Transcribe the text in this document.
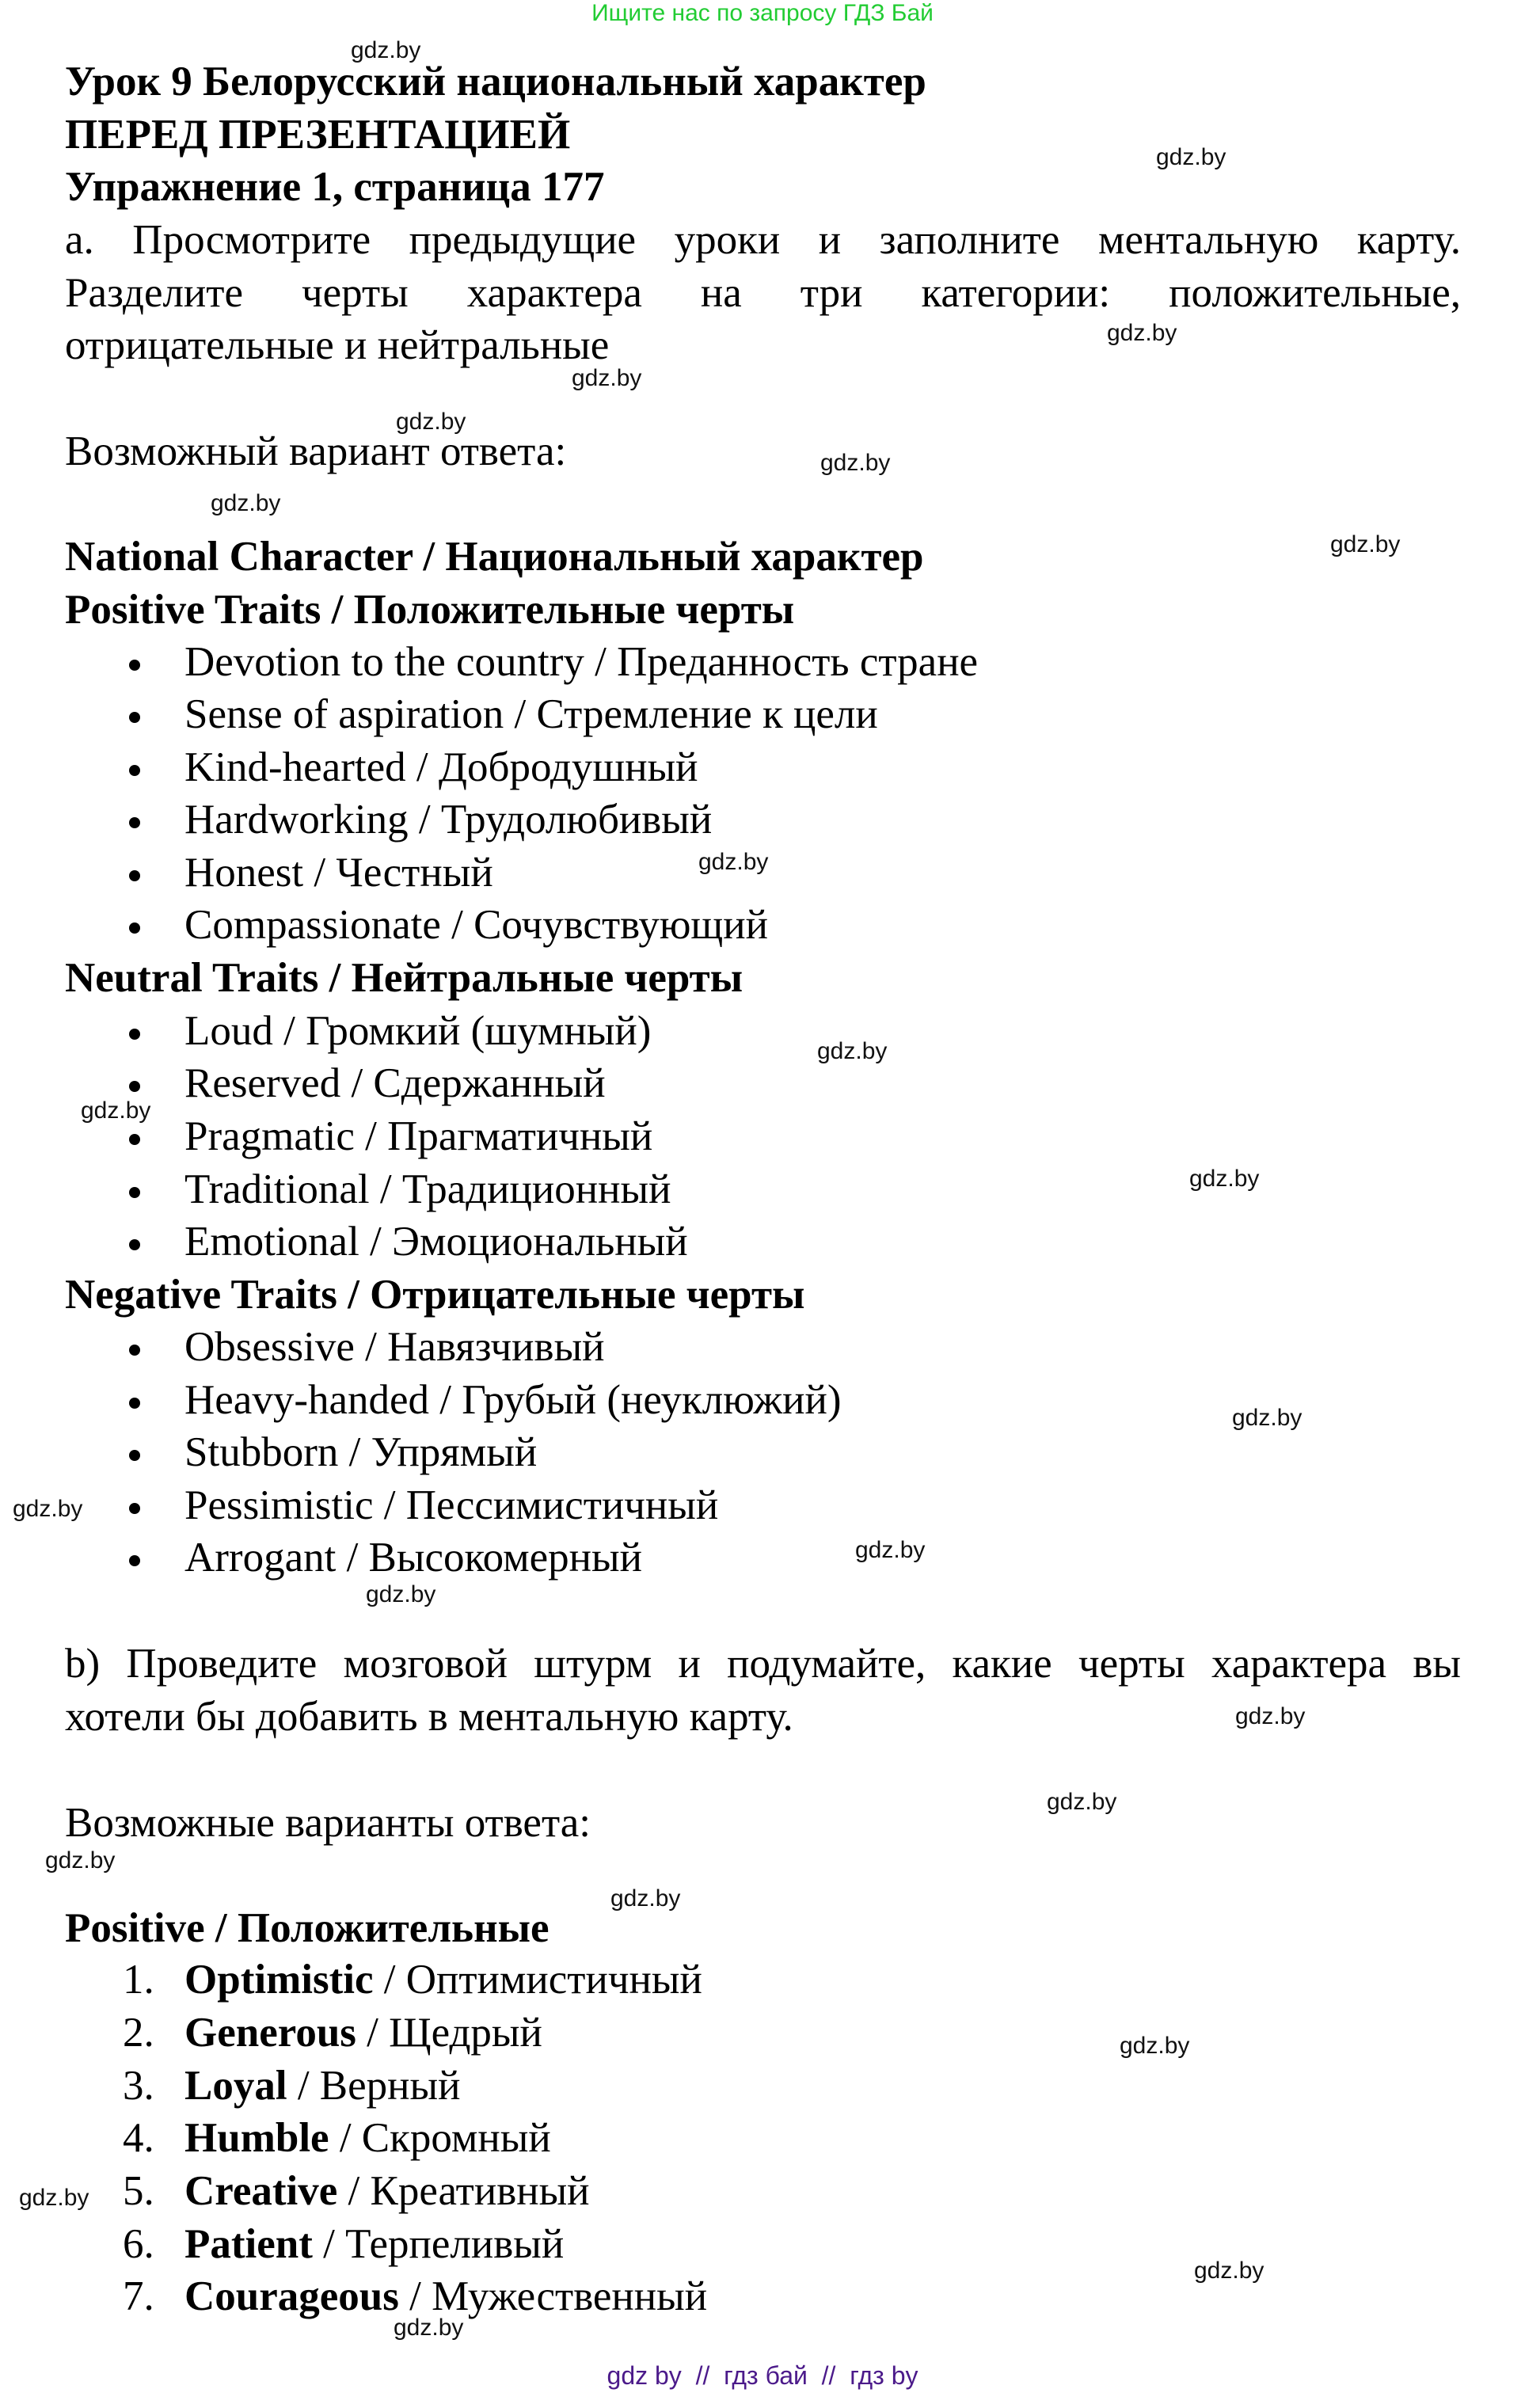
Ищите нас по запросу ГДЗ Бай
Урок 9 Белорусский национальный характер
ПЕРЕД ПРЕЗЕНТАЦИЕЙ
Упражнение 1, страница 177
a. Просмотрите предыдущие уроки и заполните ментальную карту.
Разделите черты характера на три категории: положительные,
отрицательные и нейтральные
Возможный вариант ответа:
National Character / Национальный характер
Positive Traits / Положительные черты
Devotion to the country / Преданность стране
Sense of aspiration / Стремление к цели
Kind-hearted / Добродушный
Hardworking / Трудолюбивый
Honest / Честный
Compassionate / Сочувствующий
Neutral Traits / Нейтральные черты
Loud / Громкий (шумный)
Reserved / Сдержанный
Pragmatic / Прагматичный
Traditional / Традиционный
Emotional / Эмоциональный
Negative Traits / Отрицательные черты
Obsessive / Навязчивый
Heavy-handed / Грубый (неуклюжий)
Stubborn / Упрямый
Pessimistic / Пессимистичный
Arrogant / Высокомерный
b) Проведите мозговой штурм и подумайте, какие черты характера вы
хотели бы добавить в ментальную карту.
Возможные варианты ответа:
Positive / Положительные
1. Optimistic / Оптимистичный
2. Generous / Щедрый
3. Loyal / Верный
4. Humble / Скромный
5. Creative / Креативный
6. Patient / Терпеливый
7. Courageous / Мужественный
gdz.by
gdz.by
gdz.by
gdz.by
gdz.by
gdz.by
gdz.by
gdz.by
gdz.by
gdz.by
gdz.by
gdz.by
gdz.by
gdz.by
gdz.by
gdz.by
gdz.by
gdz.by
gdz.by
gdz.by
gdz.by
gdz.by
gdz.by
gdz.by
gdz by  //  гдз бай  //  гдз by
